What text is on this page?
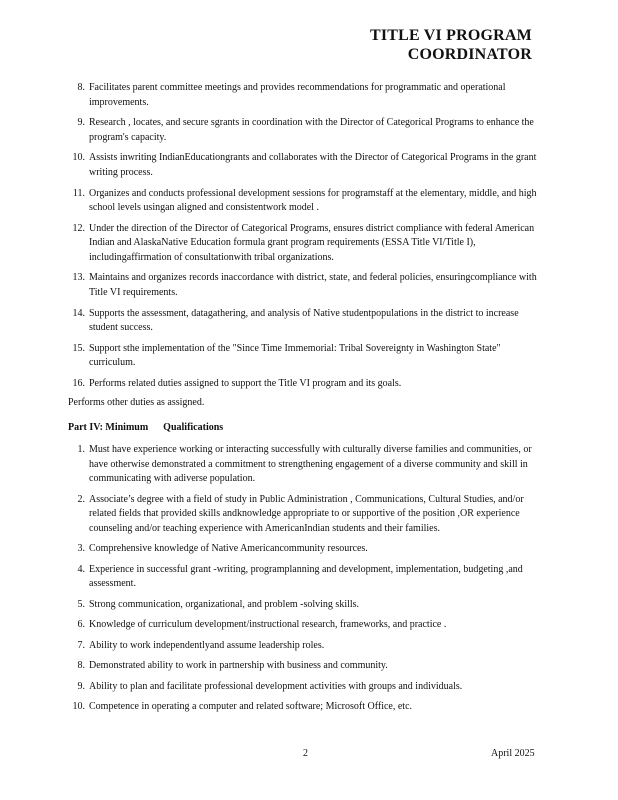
TITLE VI PROGRAM
COORDINATOR
8. Facilitates parent committee meetings and provides recommendations for programmatic and operational improvements.
9. Research , locates, and secure sgrants in coordination with the Director of Categorical Programs to enhance the program's capacity.
10. Assists inwriting IndianEducationgrants and collaborates with the Director of Categorical Programs in the grant writing process.
11. Organizes and conducts professional development sessions for programstaff at the elementary, middle, and high school levels usingan aligned and consistentwork model .
12. Under the direction of the Director of Categorical Programs, ensures district compliance with federal American Indian and AlaskaNative Education formula grant program requirements (ESSA Title VI/Title I), includingaffirmation of consultationwith tribal organizations.
13. Maintains and organizes records inaccordance with district, state, and federal policies, ensuringcompliance with Title VI requirements.
14. Supports the assessment, datagathering, and analysis of Native studentpopulations in the district to increase student success.
15. Support sthe implementation of the "Since Time Immemorial: Tribal Sovereignty in Washington State" curriculum.
16. Performs related duties assigned to support the Title VI program and its goals.
Performs other duties as assigned.
Part IV: Minimum      Qualifications
1. Must have experience working or interacting successfully with culturally diverse families and communities, or have otherwise demonstrated a commitment to strengthening engagement of a diverse community and skill in communicating with adiverse population.
2. Associate’s degree with a field of study in Public Administration , Communications, Cultural Studies, and/or related fields that provided skills andknowledge appropriate to or supportive of the position ,OR experience counseling and/or teaching experience with AmericanIndian students and their families.
3. Comprehensive knowledge of Native Americancommunity resources.
4. Experience in successful grant -writing, programplanning and development, implementation, budgeting ,and assessment.
5. Strong communication, organizational, and problem -solving skills.
6. Knowledge of curriculum development/instructional research, frameworks, and practice .
7. Ability to work independentlyand assume leadership roles.
8. Demonstrated ability to work in partnership with business and community.
9. Ability to plan and facilitate professional development activities with groups and individuals.
10. Competence in operating a computer and related software; Microsoft Office, etc.
2	April 2025
